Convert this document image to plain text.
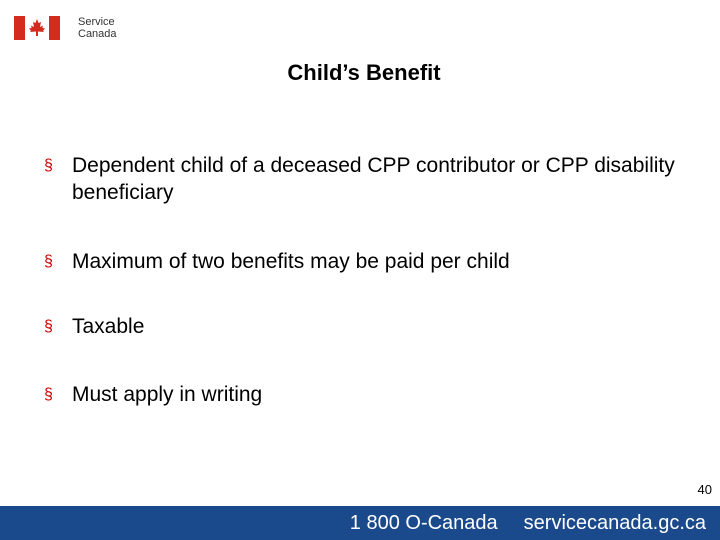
Service
Canada
Child’s Benefit
§ Dependent child of a deceased CPP contributor or CPP disability beneficiary
§ Maximum of two benefits may be paid per child
§ Taxable
§ Must apply in writing
40
1 800 O-Canada servicecanada.gc.ca
